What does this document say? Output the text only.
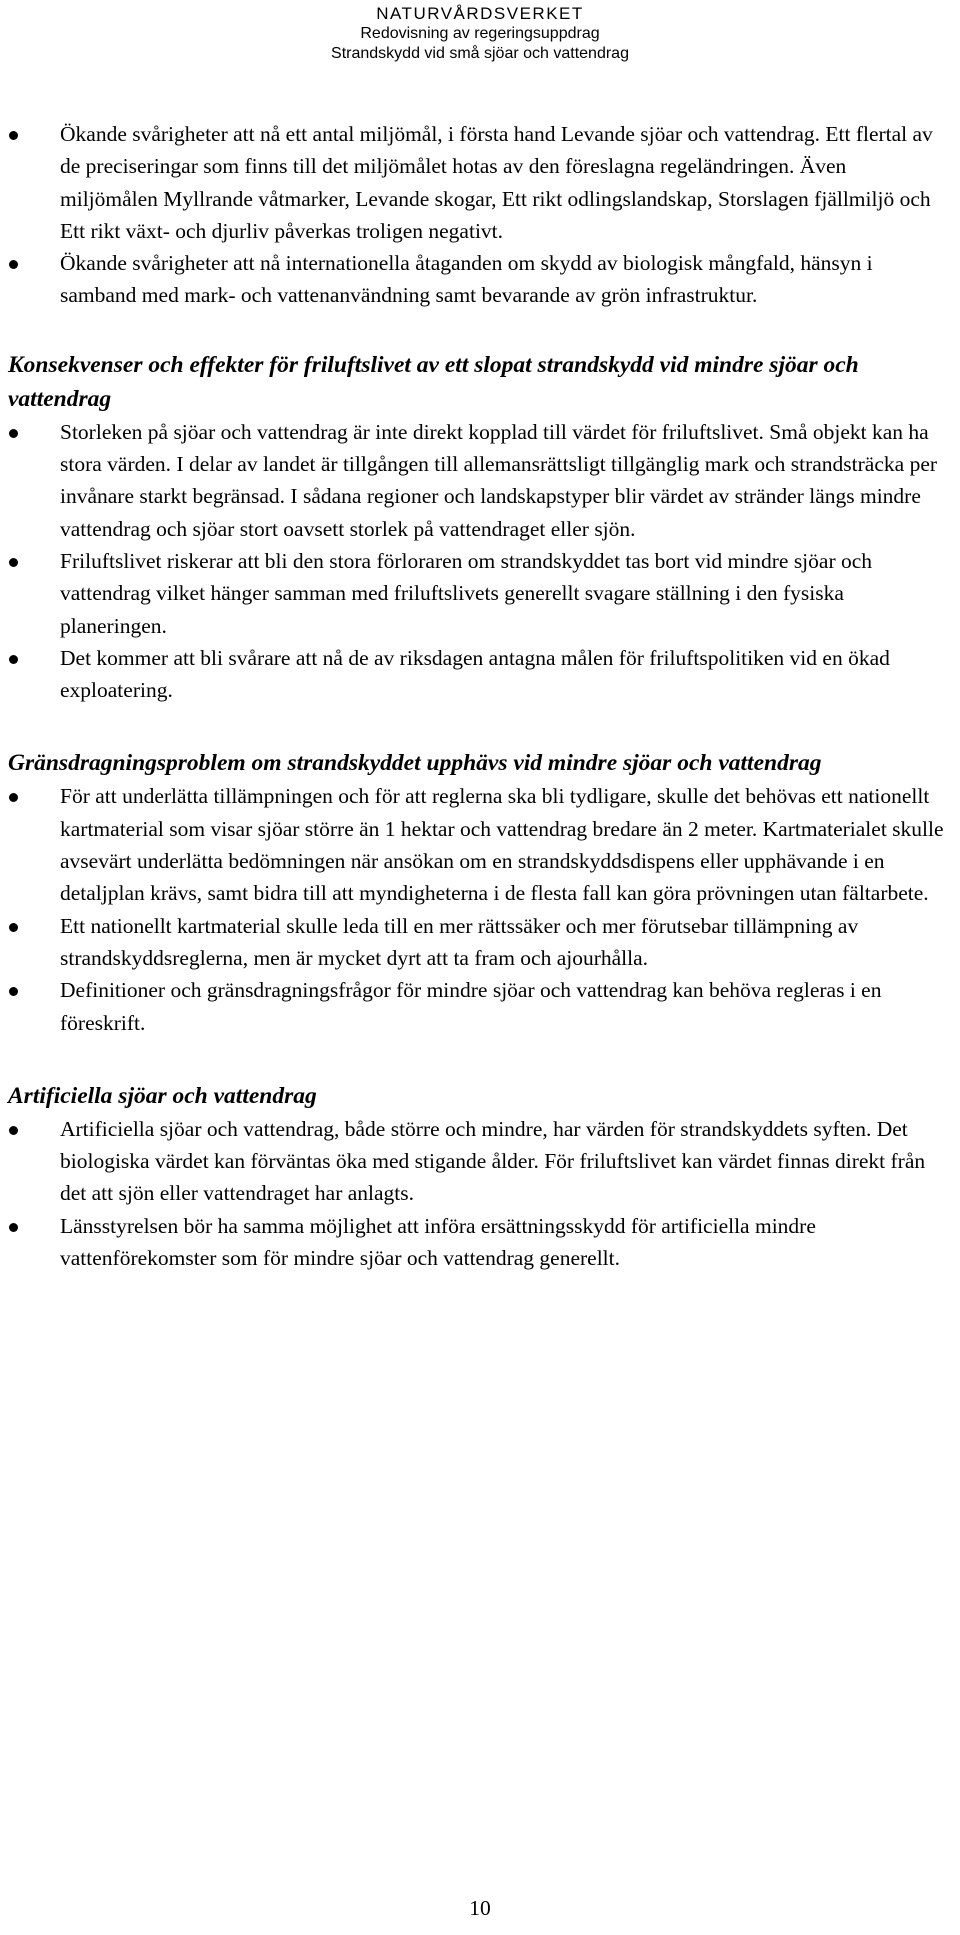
NATURVÅRDSVERKET
Redovisning av regeringsuppdrag
Strandskydd vid små sjöar och vattendrag
Ökande svårigheter att nå ett antal miljömål, i första hand Levande sjöar och vattendrag. Ett flertal av de preciseringar som finns till det miljömålet hotas av den föreslagna regeländringen. Även miljömålen Myllrande våtmarker, Levande skogar, Ett rikt odlingslandskap, Storslagen fjällmiljö och Ett rikt växt- och djurliv påverkas troligen negativt.
Ökande svårigheter att nå internationella åtaganden om skydd av biologisk mångfald, hänsyn i samband med mark- och vattenanvändning samt bevarande av grön infrastruktur.
Konsekvenser och effekter för friluftslivet av ett slopat strandskydd vid mindre sjöar och vattendrag
Storleken på sjöar och vattendrag är inte direkt kopplad till värdet för friluftslivet. Små objekt kan ha stora värden. I delar av landet är tillgången till allemansrättsligt tillgänglig mark och strandsträcka per invånare starkt begränsad. I sådana regioner och landskapstyper blir värdet av stränder längs mindre vattendrag och sjöar stort oavsett storlek på vattendraget eller sjön.
Friluftslivet riskerar att bli den stora förloraren om strandskyddet tas bort vid mindre sjöar och vattendrag vilket hänger samman med friluftslivets generellt svagare ställning i den fysiska planeringen.
Det kommer att bli svårare att nå de av riksdagen antagna målen för friluftspolitiken vid en ökad exploatering.
Gränsdragningsproblem om strandskyddet upphävs vid mindre sjöar och vattendrag
För att underlätta tillämpningen och för att reglerna ska bli tydligare, skulle det behövas ett nationellt kartmaterial som visar sjöar större än 1 hektar och vattendrag bredare än 2 meter. Kartmaterialet skulle avsevärt underlätta bedömningen när ansökan om en strandskyddsdispens eller upphävande i en detaljplan krävs, samt bidra till att myndigheterna i de flesta fall kan göra prövningen utan fältarbete.
Ett nationellt kartmaterial skulle leda till en mer rättssäker och mer förutsebar tillämpning av strandskyddsreglerna, men är mycket dyrt att ta fram och ajourhålla.
Definitioner och gränsdragningsfrågor för mindre sjöar och vattendrag kan behöva regleras i en föreskrift.
Artificiella sjöar och vattendrag
Artificiella sjöar och vattendrag, både större och mindre, har värden för strandskyddets syften. Det biologiska värdet kan förväntas öka med stigande ålder. För friluftslivet kan värdet finnas direkt från det att sjön eller vattendraget har anlagts.
Länsstyrelsen bör ha samma möjlighet att införa ersättningsskydd för artificiella mindre vattenförekomster som för mindre sjöar och vattendrag generellt.
10
